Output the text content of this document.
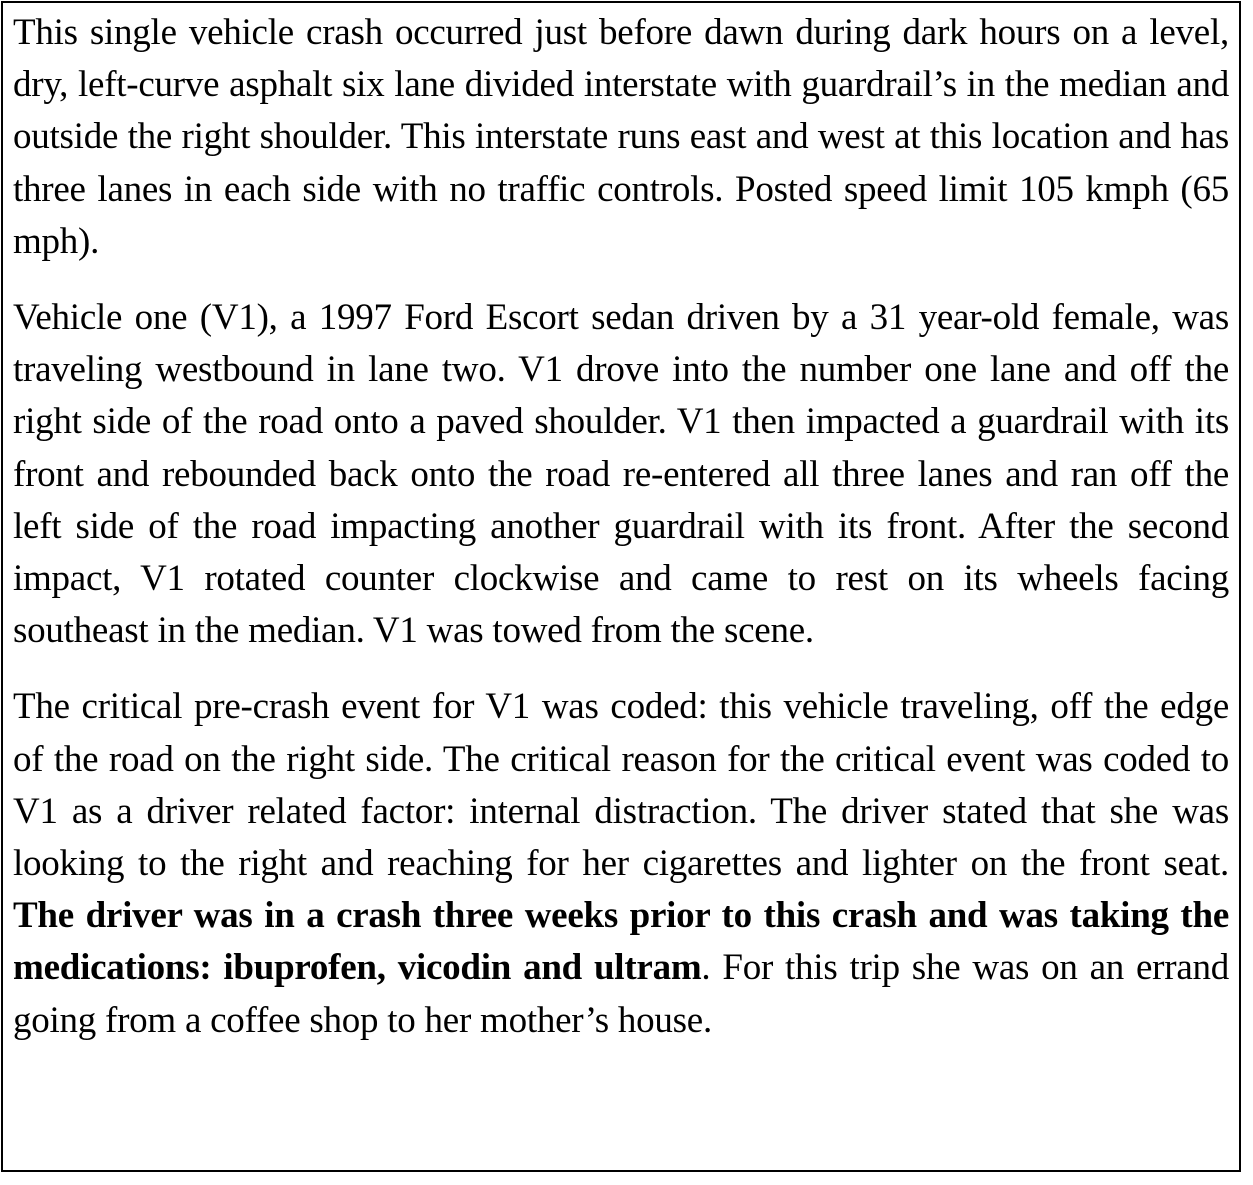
This single vehicle crash occurred just before dawn during dark hours on a level, dry, left-curve asphalt six lane divided interstate with guardrail’s in the median and outside the right shoulder. This interstate runs east and west at this location and has three lanes in each side with no traffic controls. Posted speed limit 105 kmph (65 mph).

Vehicle one (V1), a 1997 Ford Escort sedan driven by a 31 year-old female, was traveling westbound in lane two. V1 drove into the number one lane and off the right side of the road onto a paved shoulder. V1 then impacted a guardrail with its front and rebounded back onto the road re-entered all three lanes and ran off the left side of the road impacting another guardrail with its front. After the second impact, V1 rotated counter clockwise and came to rest on its wheels facing southeast in the median. V1 was towed from the scene.

The critical pre-crash event for V1 was coded: this vehicle traveling, off the edge of the road on the right side. The critical reason for the critical event was coded to V1 as a driver related factor: internal distraction. The driver stated that she was looking to the right and reaching for her cigarettes and lighter on the front seat. The driver was in a crash three weeks prior to this crash and was taking the medications: ibuprofen, vicodin and ultram. For this trip she was on an errand going from a coffee shop to her mother’s house.
